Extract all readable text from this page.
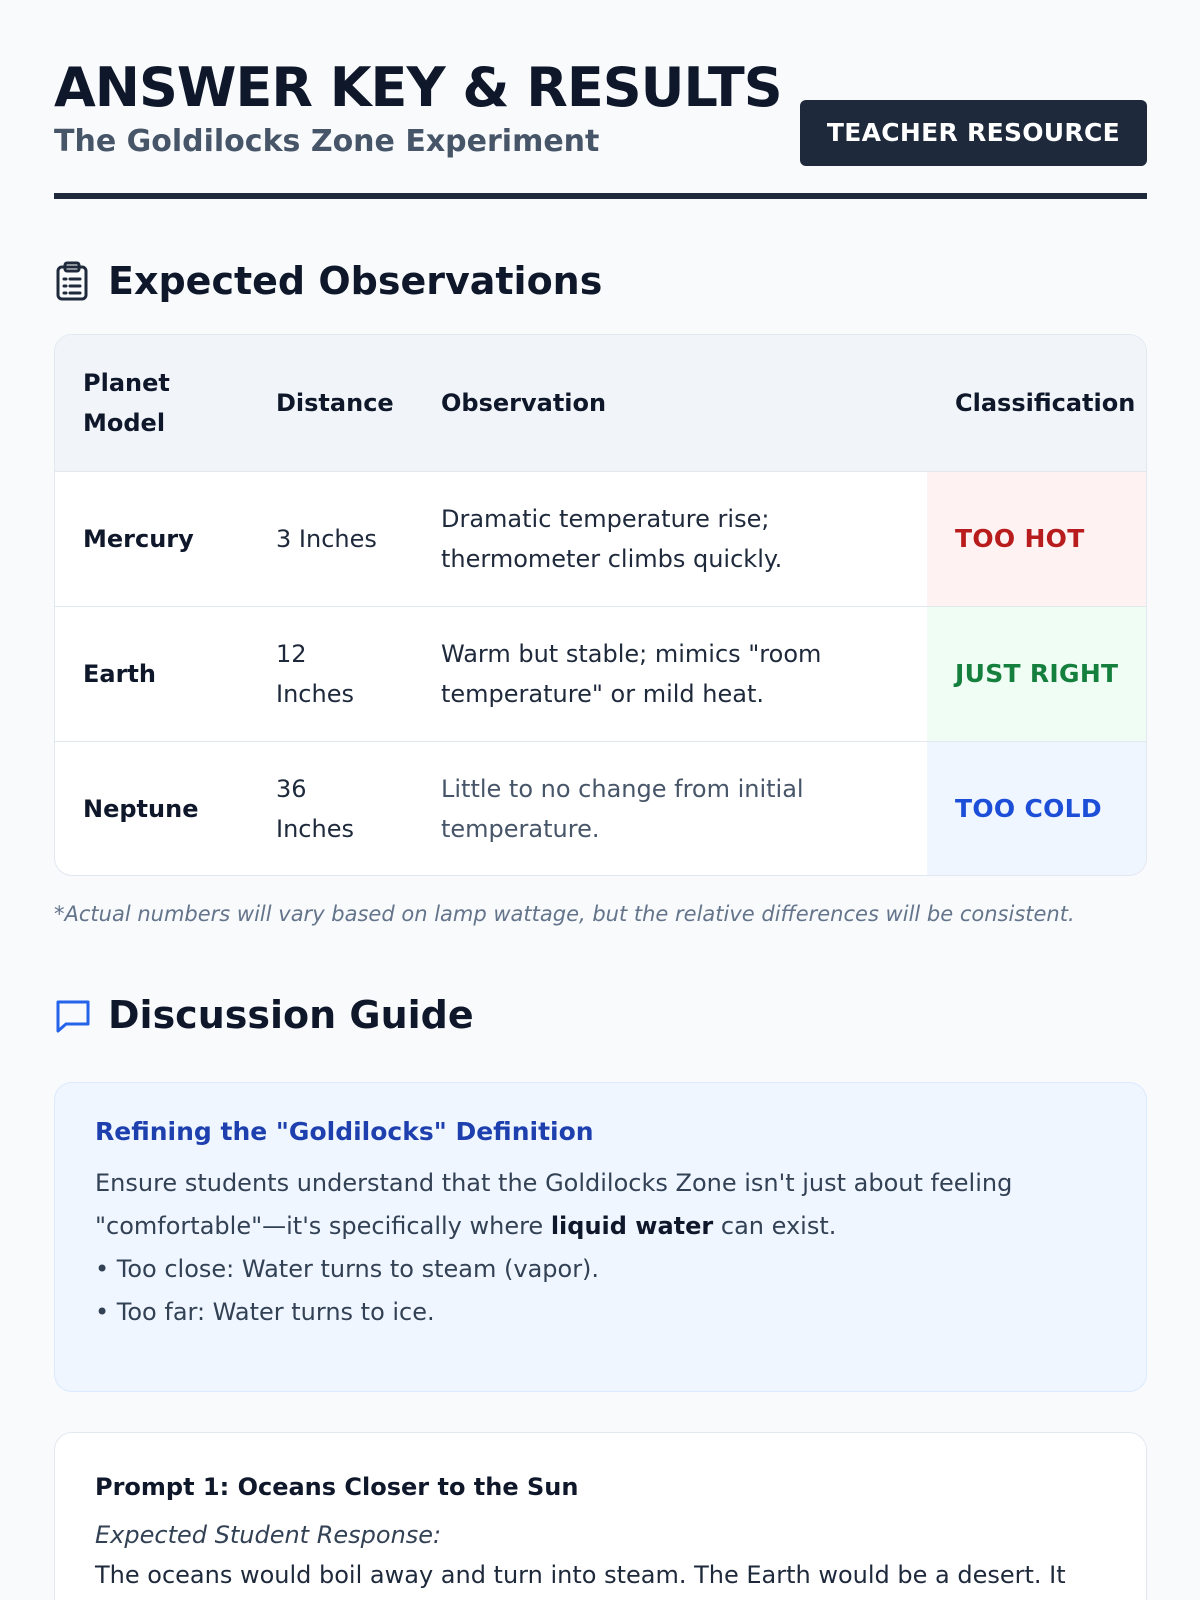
ANSWER KEY & RESULTS
The Goldilocks Zone Experiment	TEACHER RESOURCE
Expected Observations
Planet Model	Distance	Observation	Classification
Mercury	3 Inches	Dramatic temperature rise; thermometer climbs quickly.	TOO HOT
Earth	12 Inches	Warm but stable; mimics "room temperature" or mild heat.	JUST RIGHT
Neptune	36 Inches	Little to no change from initial temperature.	TOO COLD
*Actual numbers will vary based on lamp wattage, but the relative differences will be consistent.
Discussion Guide
Refining the "Goldilocks" Definition

Ensure students understand that the Goldilocks Zone isn't just about feeling "comfortable"—it's specifically where liquid water can exist.

• Too close: Water turns to steam (vapor).

• Too far: Water turns to ice.

Prompt 1: Oceans Closer to the Sun
Expected Student Response:
The oceans would boil away and turn into steam. The Earth would be a desert. It
